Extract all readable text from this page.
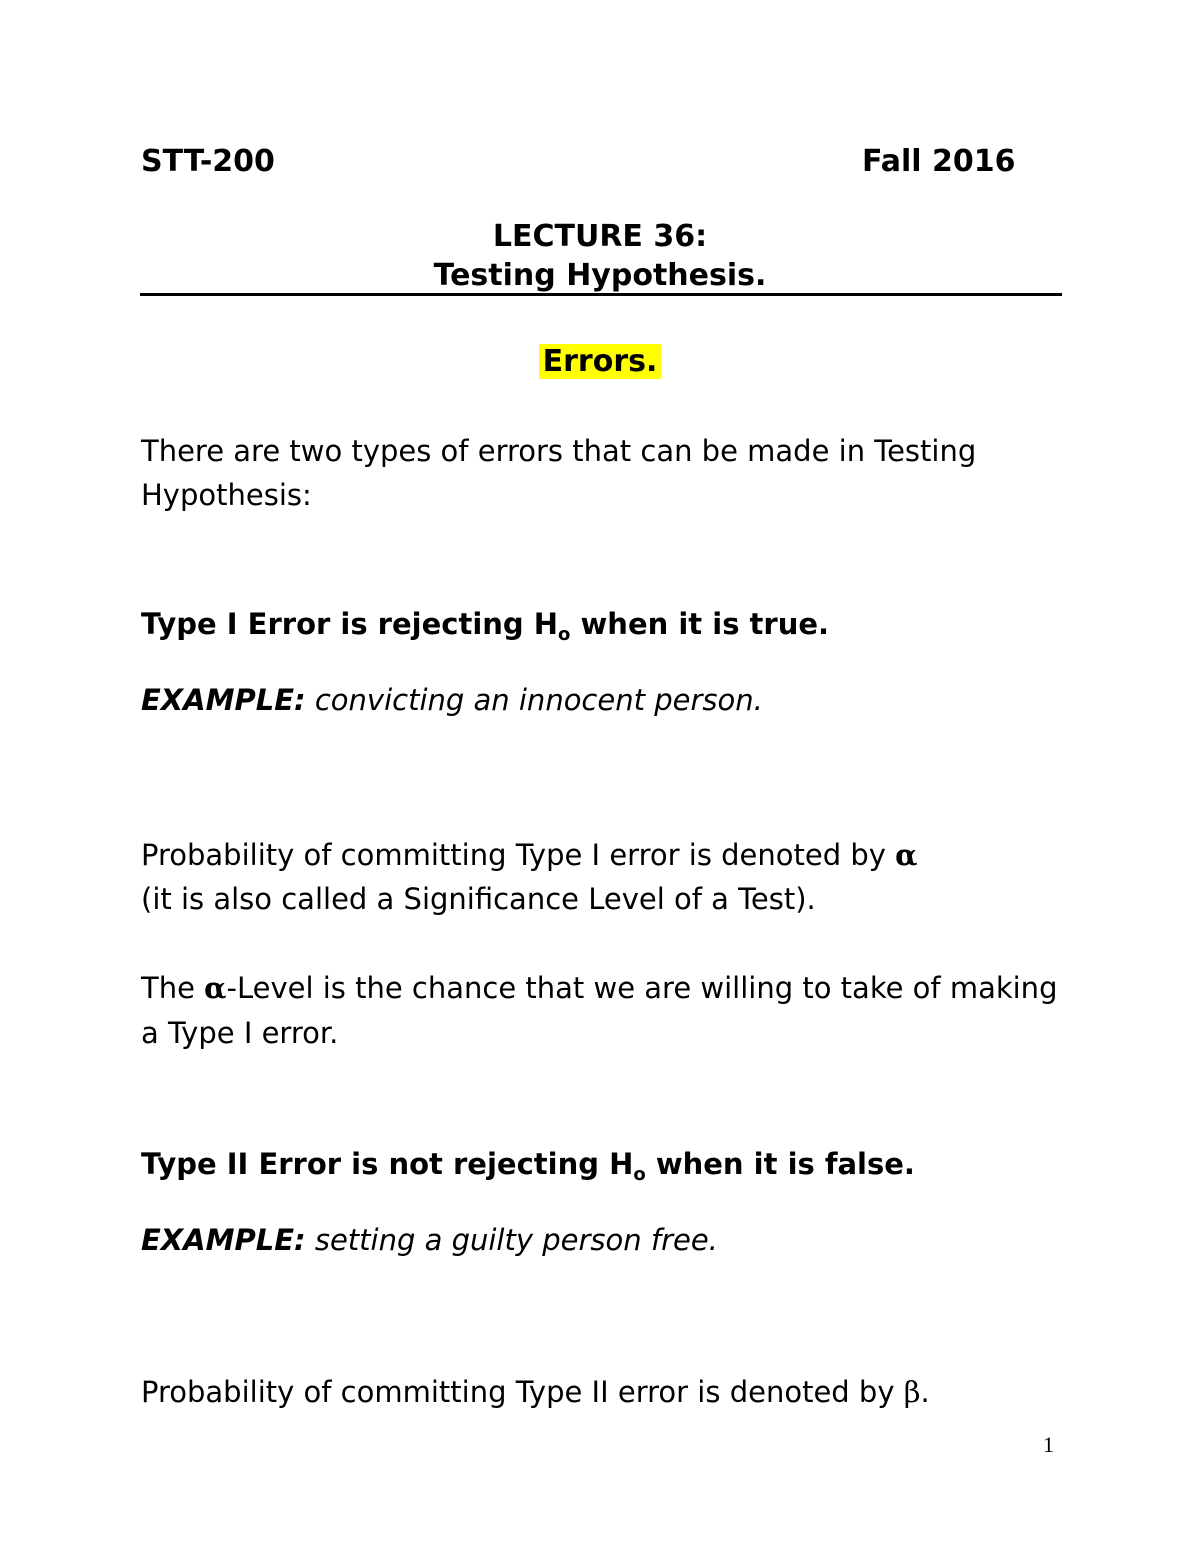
STT-200	Fall 2016
LECTURE 36:
Testing Hypothesis.
Errors.
There are two types of errors that can be made in Testing
Hypothesis:
Type I Error is rejecting $H_o$ when it is true.
EXAMPLE: convicting an innocent person.
Probability of committing Type I error is denoted by α
(it is also called a Significance Level of a Test).
The α-Level is the chance that we are willing to take of making
a Type I error.
Type II Error is not rejecting $H_o$ when it is false.
EXAMPLE: setting a guilty person free.
Probability of committing Type II error is denoted by β.
1
